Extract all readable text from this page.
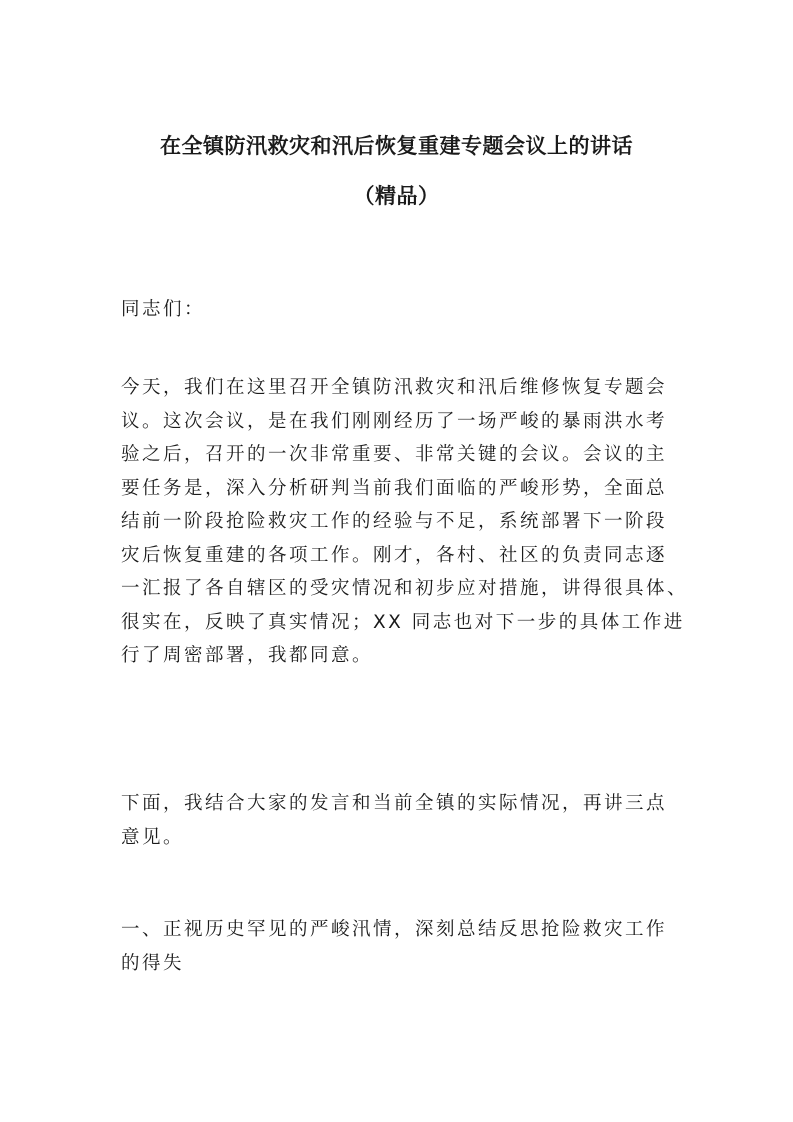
在全镇防汛救灾和汛后恢复重建专题会议上的讲话
（精品）
同志们：
今天，我们在这里召开全镇防汛救灾和汛后维修恢复专题会
议。这次会议，是在我们刚刚经历了一场严峻的暴雨洪水考
验之后，召开的一次非常重要、非常关键的会议。会议的主
要任务是，深入分析研判当前我们面临的严峻形势，全面总
结前一阶段抢险救灾工作的经验与不足，系统部署下一阶段
灾后恢复重建的各项工作。刚才，各村、社区的负责同志逐
一汇报了各自辖区的受灾情况和初步应对措施，讲得很具体、
很实在，反映了真实情况；XX 同志也对下一步的具体工作进
行了周密部署，我都同意。
下面，我结合大家的发言和当前全镇的实际情况，再讲三点
意见。
一、正视历史罕见的严峻汛情，深刻总结反思抢险救灾工作
的得失
